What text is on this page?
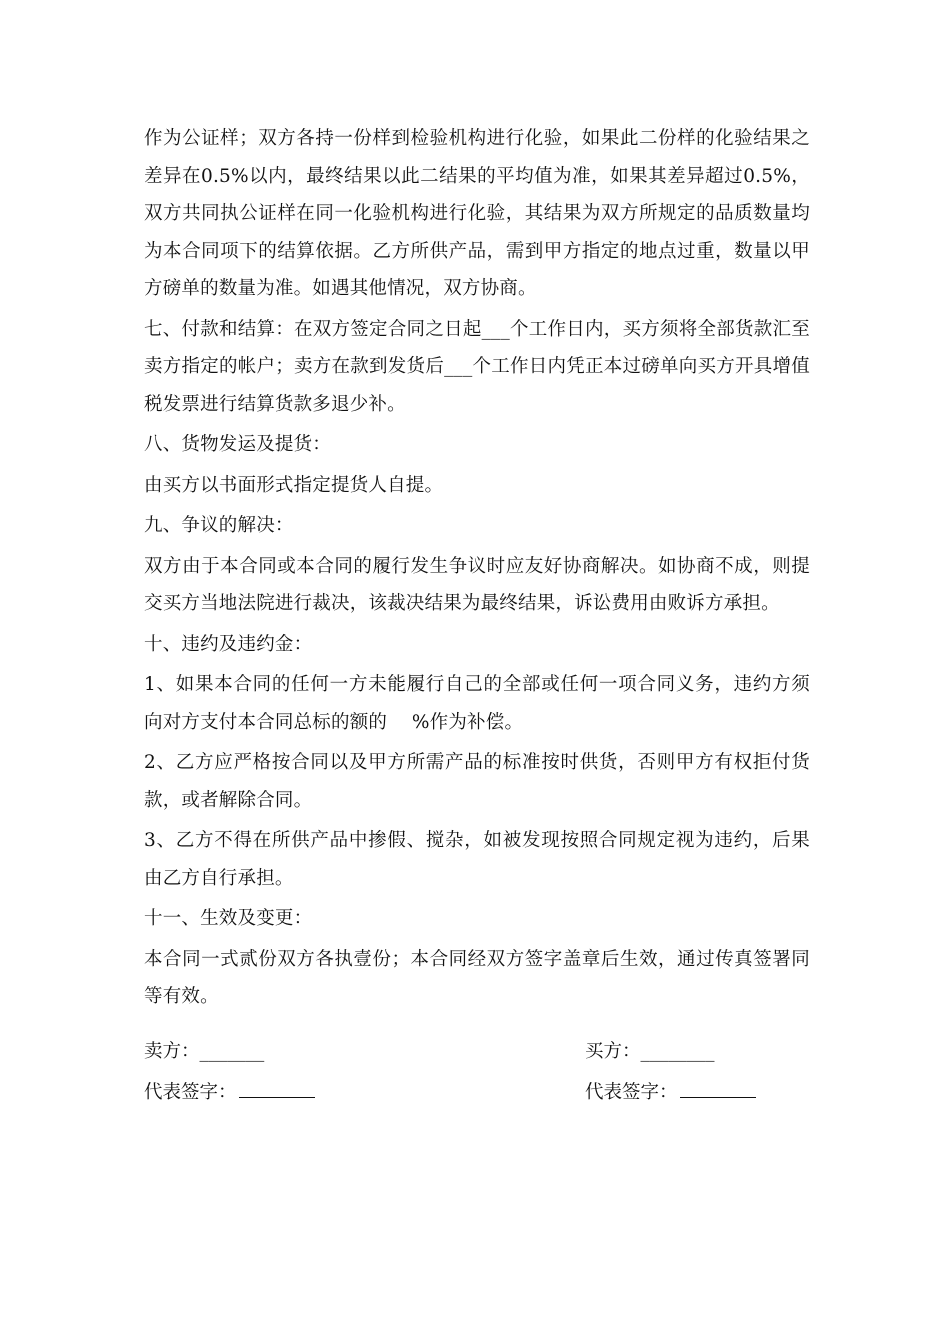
作为公证样；双方各持一份样到检验机构进行化验，如果此二份样的化验结果之差异在0.5%以内，最终结果以此二结果的平均值为准，如果其差异超过0.5%，双方共同执公证样在同一化验机构进行化验，其结果为双方所规定的品质数量均为本合同项下的结算依据。乙方所供产品，需到甲方指定的地点过重，数量以甲方磅单的数量为准。如遇其他情况，双方协商。

七、付款和结算：在双方签定合同之日起___个工作日内，买方须将全部货款汇至卖方指定的帐户；卖方在款到发货后___个工作日内凭正本过磅单向买方开具增值税发票进行结算货款多退少补。

八、货物发运及提货：

由买方以书面形式指定提货人自提。

九、争议的解决：

双方由于本合同或本合同的履行发生争议时应友好协商解决。如协商不成，则提交买方当地法院进行裁决，该裁决结果为最终结果，诉讼费用由败诉方承担。

十、违约及违约金：

1、如果本合同的任何一方未能履行自己的全部或任何一项合同义务，违约方须向对方支付本合同总标的额的　 %作为补偿。

2、乙方应严格按合同以及甲方所需产品的标准按时供货，否则甲方有权拒付货款，或者解除合同。

3、乙方不得在所供产品中掺假、搅杂，如被发现按照合同规定视为违约，后果由乙方自行承担。

十一、生效及变更：

本合同一式贰份双方各执壹份；本合同经双方签字盖章后生效，通过传真签署同等有效。

卖方：_______	买方：________
代表签字：	代表签字：
